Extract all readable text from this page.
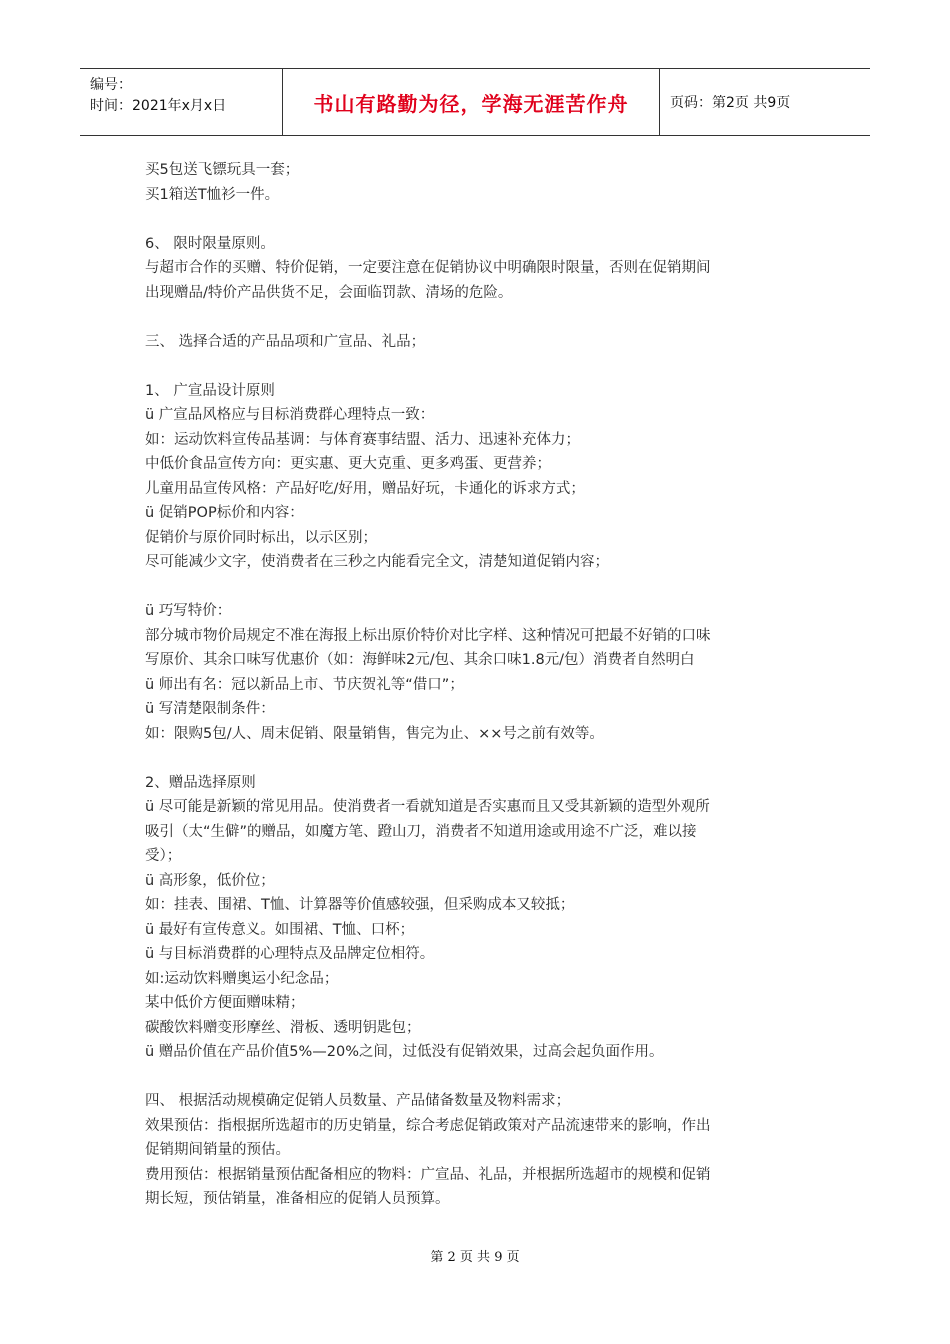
编号：
时间：2021年x月x日	书山有路勤为径，学海无涯苦作舟	页码：第2页 共9页
买5包送飞镖玩具一套；
买1箱送T恤衫一件。
6、 限时限量原则。
与超市合作的买赠、特价促销，一定要注意在促销协议中明确限时限量，否则在促销期间
出现赠品/特价产品供货不足，会面临罚款、清场的危险。
三、 选择合适的产品品项和广宣品、礼品；
1、 广宣品设计原则
ü 广宣品风格应与目标消费群心理特点一致：
如：运动饮料宣传品基调：与体育赛事结盟、活力、迅速补充体力；
中低价食品宣传方向：更实惠、更大克重、更多鸡蛋、更营养；
儿童用品宣传风格：产品好吃/好用，赠品好玩，卡通化的诉求方式；
ü 促销POP标价和内容：
促销价与原价同时标出，以示区别；
尽可能减少文字，使消费者在三秒之内能看完全文，清楚知道促销内容；
ü 巧写特价：
部分城市物价局规定不准在海报上标出原价特价对比字样、这种情况可把最不好销的口味
写原价、其余口味写优惠价（如：海鲜味2元/包、其余口味1.8元/包）消费者自然明白
ü 师出有名：冠以新品上市、节庆贺礼等“借口”；
ü 写清楚限制条件：
如：限购5包/人、周末促销、限量销售，售完为止、××号之前有效等。
2、赠品选择原则
ü 尽可能是新颖的常见用品。使消费者一看就知道是否实惠而且又受其新颖的造型外观所
吸引（太“生僻”的赠品，如魔方笔、蹬山刀，消费者不知道用途或用途不广泛，难以接
受）；
ü 高形象，低价位；
如：挂表、围裙、T恤、计算器等价值感较强，但采购成本又较抵；
ü 最好有宣传意义。如围裙、T恤、口杯；
ü 与目标消费群的心理特点及品牌定位相符。
如:运动饮料赠奥运小纪念品；
某中低价方便面赠味精；
碳酸饮料赠变形摩丝、滑板、透明钥匙包；
ü 赠品价值在产品价值5%—20%之间，过低没有促销效果，过高会起负面作用。
四、 根据活动规模确定促销人员数量、产品储备数量及物料需求；
效果预估：指根据所选超市的历史销量，综合考虑促销政策对产品流速带来的影响，作出
促销期间销量的预估。
费用预估：根据销量预估配备相应的物料：广宣品、礼品，并根据所选超市的规模和促销
期长短，预估销量，准备相应的促销人员预算。
第 2 页 共 9 页
